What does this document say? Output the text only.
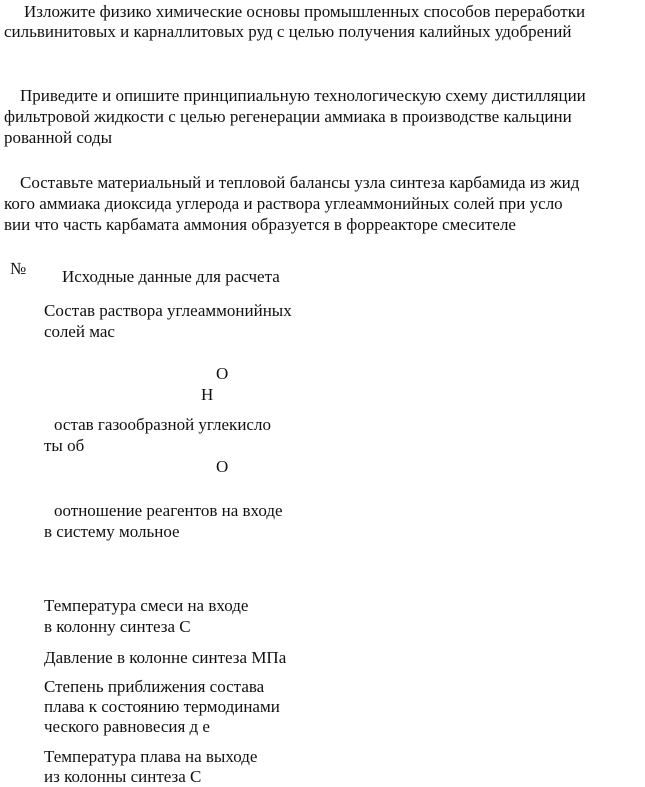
Изложите физико химические основы промышленных способов переработки
сильвинитовых и карналлитовых руд с целью получения калийных удобрений
Приведите и опишите принципиальную технологическую схему дистилляции
фильтровой жидкости с целью регенерации аммиака в производстве кальцини
рованной соды
Составьте материальный и тепловой балансы узла синтеза карбамида из жид
кого аммиака диоксида углерода и раствора углеаммонийных солей при усло
вии что часть карбамата аммония образуется в форреакторе смесителе
№ Исходные данные для расчета
Состав раствора углеаммонийных
солей мас
О
Н
остав газообразной углекисло
ты об
О
оотношение реагентов на входе
в систему мольное
Температура смеси на входе
в колонну синтеза С
Давление в колонне синтеза МПа
Степень приближения состава
плава к состоянию термодинами
ческого равновесия д е
Температура плава на выходе
из колонны синтеза С
